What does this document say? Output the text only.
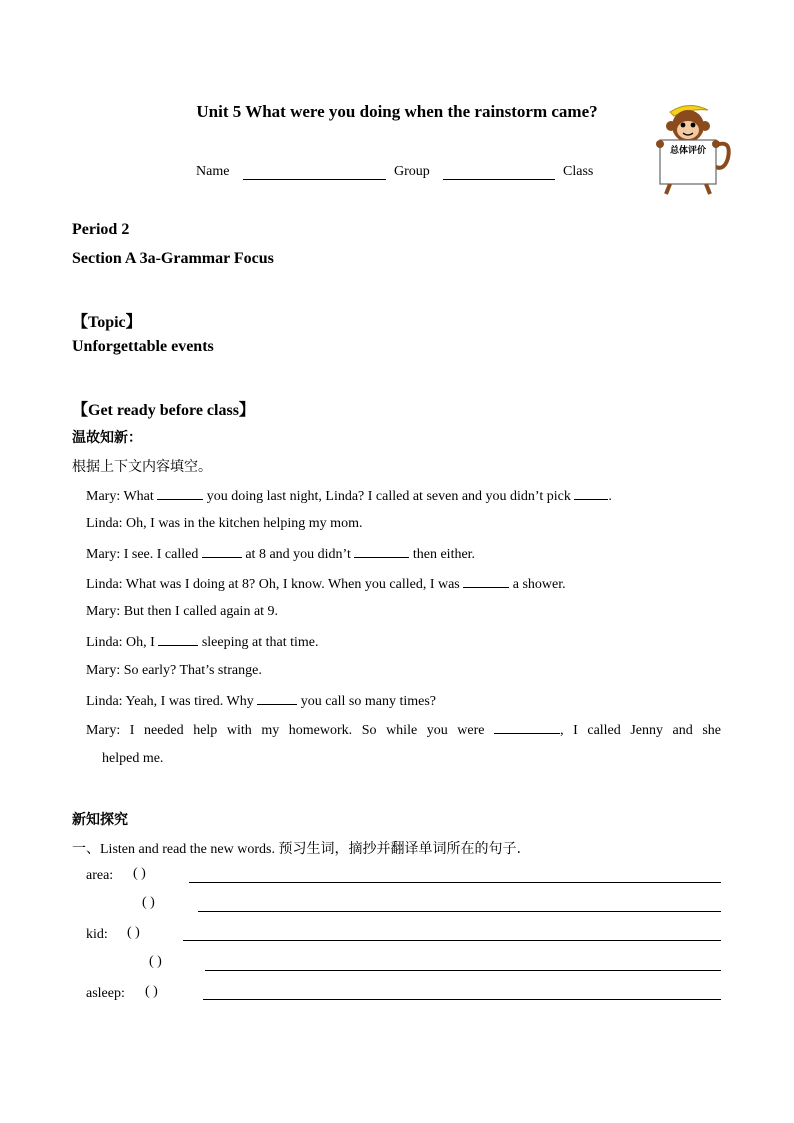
Unit 5 What were you doing when the rainstorm came?
Name	Group	Class
总体评价
Period 2
Section A 3a-Grammar Focus
【Topic】
Unforgettable events
【Get ready before class】
温故知新：
根据上下文内容填空。
Mary: What	you doing last night, Linda? I called at seven and you didn’t pick .
Linda: Oh, I was in the kitchen helping my mom.
Mary: I see. I called	at 8 and you didn’t	then either.
Linda: What was I doing at 8? Oh, I know. When you called, I was	a shower.
Mary: But then I called again at 9.
Linda: Oh, I	sleeping at that time.
Mary: So early? That’s strange.
Linda: Yeah, I was tired. Why	you call so many times?
Mary: I needed help with my homework. So while you were	, I called Jenny and she
helped me.
新知探究
一、Listen and read the new words. 预习生词，摘抄并翻译单词所在的句子.
area: ( )
( )
kid: ( )
( )
asleep: ( )
